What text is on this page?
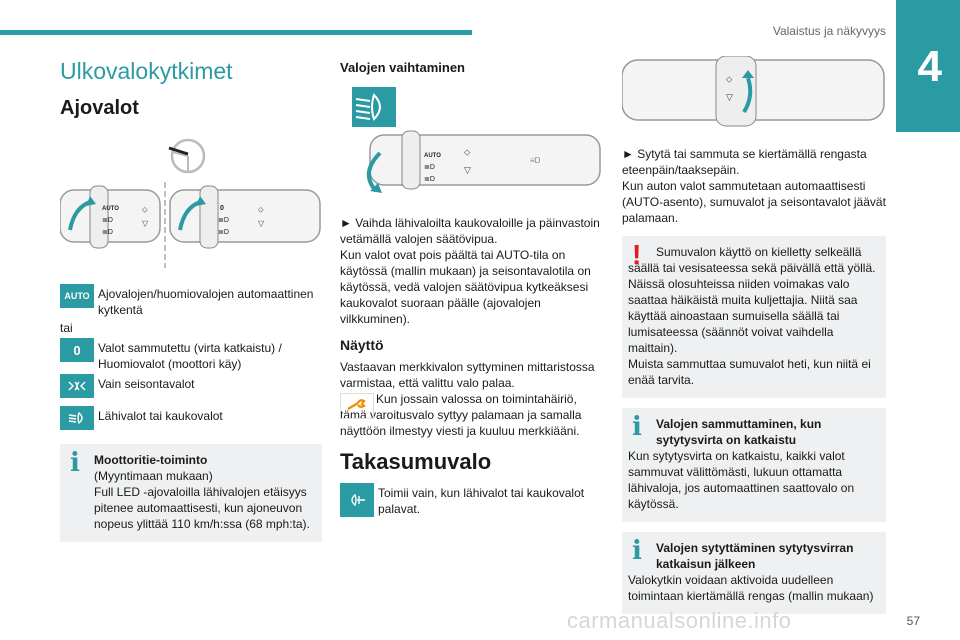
Valaistus ja näkyvyys
4
Ulkovalokytkimet
Ajovalot
AUTO
≣D
≣D
⬦
▽
0
≣D
≣D
⬦
▽
AUTO Ajovalojen/huomiovalojen automaattinen kytkentä
tai
0	Valot sammutettu (virta katkaistu) / Huomiovalot (moottori käy)
Vain seisontavalot
Lähivalot tai kaukovalot
i	Moottoritie-toiminto
(Myyntimaan mukaan)
Full LED -ajovaloilla lähivalojen etäisyys pitenee automaattisesti, kun ajoneuvon nopeus ylittää 110 km/h:ssa (68 mph:ta).
Valojen vaihtaminen
AUTO
≣D
≣D
⬦
▽
≡D

► Vaihda lähivaloilta kaukovaloille ja päinvastoin vetämällä valojen säätövipua.
Kun valot ovat pois päältä tai AUTO-tila on käytössä (mallin mukaan) ja seisontavalotila on käytössä, vedä valojen säätövipua kytkeäksesi kaukovalot suoraan päälle (ajovalojen vilkkuminen).

Näyttö

Vastaavan merkkivalon syttyminen mittaristossa varmistaa, että valittu valo palaa.

Kun jossain valossa on toimintahäiriö, tämä varoitusvalo syttyy palamaan ja samalla näyttöön ilmestyy viesti ja kuuluu merkkiääni.

Takasumuvalo
Toimii vain, kun lähivalot tai kaukovalot palavat.
⬦
▽

► Sytytä tai sammuta se kiertämällä rengasta eteenpäin/taaksepäin.
Kun auton valot sammutetaan automaattisesti (AUTO-asento), sumuvalot ja seisontavalot jäävät palamaan.

!	Sumuvalon käyttö on kielletty selkeällä säällä tai vesisateessa sekä päivällä että yöllä. Näissä olosuhteissa niiden voimakas valo saattaa häikäistä muita kuljettajia. Niitä saa käyttää ainoastaan sumuisella säällä tai lumisateessa (säännöt voivat vaihdella maittain).
Muista sammuttaa sumuvalot heti, kun niitä ei enää tarvita.
i	Valojen sammuttaminen, kun sytytysvirta on katkaistu
Kun sytytysvirta on katkaistu, kaikki valot sammuvat välittömästi, lukuun ottamatta lähivaloja, jos automaattinen saattovalo on käytössä.
i	Valojen sytyttäminen sytytysvirran katkaisun jälkeen
Valokytkin voidaan aktivoida uudelleen toimintaan kiertämällä rengas (mallin mukaan)
carmanualsonline.info	57
